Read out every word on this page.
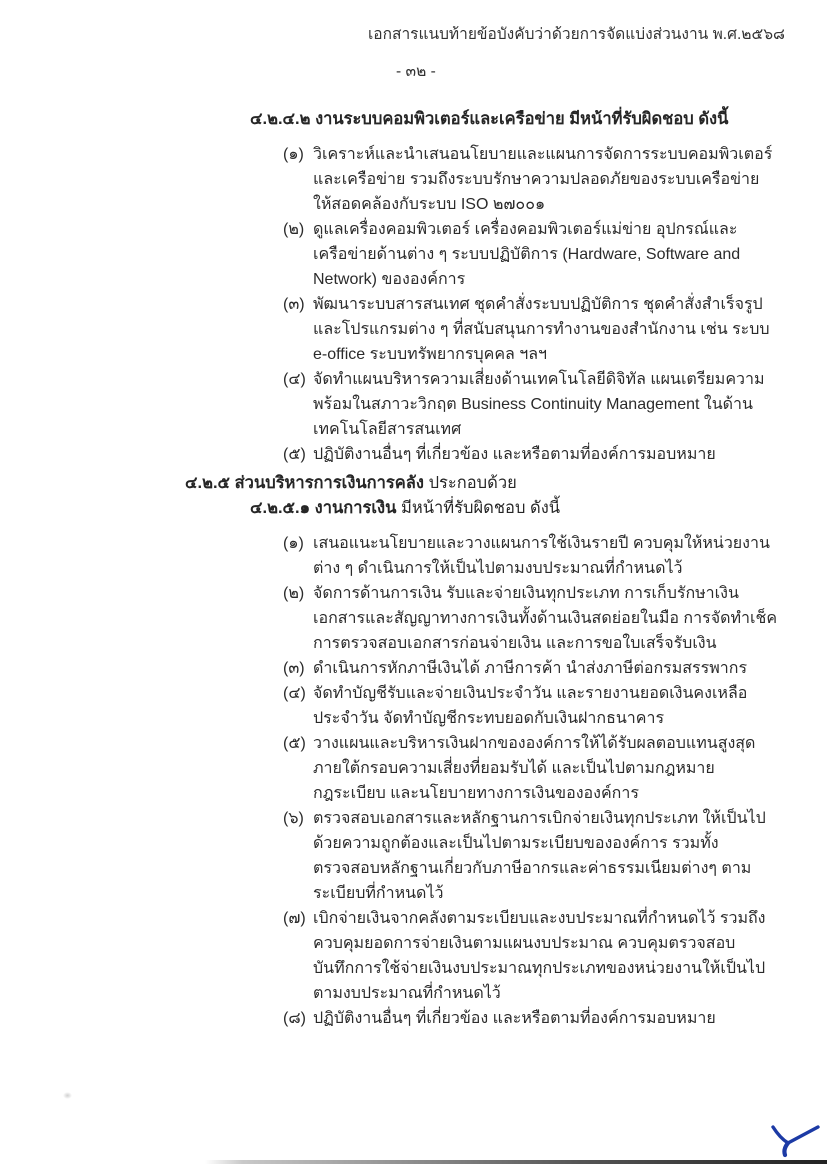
เอกสารแนบท้ายข้อบังคับว่าด้วยการจัดแบ่งส่วนงาน พ.ศ.๒๕๖๘
- ๓๒ -
๔.๒.๔.๒ งานระบบคอมพิวเตอร์และเครือข่าย มีหน้าที่รับผิดชอบ ดังนี้
(๑) วิเคราะห์และนำเสนอนโยบายและแผนการจัดการระบบคอมพิวเตอร์
และเครือข่าย รวมถึงระบบรักษาความปลอดภัยของระบบเครือข่าย
ให้สอดคล้องกับระบบ ISO ๒๗๐๐๑
(๒) ดูแลเครื่องคอมพิวเตอร์ เครื่องคอมพิวเตอร์แม่ข่าย อุปกรณ์และ
เครือข่ายด้านต่าง ๆ ระบบปฏิบัติการ (Hardware, Software and
Network) ขององค์การ
(๓) พัฒนาระบบสารสนเทศ ชุดคำสั่งระบบปฏิบัติการ ชุดคำสั่งสำเร็จรูป
และโปรแกรมต่าง ๆ ที่สนับสนุนการทำงานของสำนักงาน เช่น ระบบ
e-office ระบบทรัพยากรบุคคล ฯลฯ
(๔) จัดทำแผนบริหารความเสี่ยงด้านเทคโนโลยีดิจิทัล แผนเตรียมความ
พร้อมในสภาวะวิกฤต Business Continuity Management ในด้าน
เทคโนโลยีสารสนเทศ
(๕) ปฏิบัติงานอื่นๆ ที่เกี่ยวข้อง และหรือตามที่องค์การมอบหมาย
๔.๒.๕ ส่วนบริหารการเงินการคลัง ประกอบด้วย
๔.๒.๕.๑ งานการเงิน มีหน้าที่รับผิดชอบ ดังนี้
(๑) เสนอแนะนโยบายและวางแผนการใช้เงินรายปี ควบคุมให้หน่วยงาน
ต่าง ๆ ดำเนินการให้เป็นไปตามงบประมาณที่กำหนดไว้
(๒) จัดการด้านการเงิน รับและจ่ายเงินทุกประเภท การเก็บรักษาเงิน
เอกสารและสัญญาทางการเงินทั้งด้านเงินสดย่อยในมือ การจัดทำเช็ค
การตรวจสอบเอกสารก่อนจ่ายเงิน และการขอใบเสร็จรับเงิน
(๓) ดำเนินการหักภาษีเงินได้ ภาษีการค้า นำส่งภาษีต่อกรมสรรพากร
(๔) จัดทำบัญชีรับและจ่ายเงินประจำวัน และรายงานยอดเงินคงเหลือ
ประจำวัน จัดทำบัญชีกระทบยอดกับเงินฝากธนาคาร
(๕) วางแผนและบริหารเงินฝากขององค์การให้ได้รับผลตอบแทนสูงสุด
ภายใต้กรอบความเสี่ยงที่ยอมรับได้ และเป็นไปตามกฎหมาย
กฎระเบียบ และนโยบายทางการเงินขององค์การ
(๖) ตรวจสอบเอกสารและหลักฐานการเบิกจ่ายเงินทุกประเภท ให้เป็นไป
ด้วยความถูกต้องและเป็นไปตามระเบียบขององค์การ รวมทั้ง
ตรวจสอบหลักฐานเกี่ยวกับภาษีอากรและค่าธรรมเนียมต่างๆ ตาม
ระเบียบที่กำหนดไว้
(๗) เบิกจ่ายเงินจากคลังตามระเบียบและงบประมาณที่กำหนดไว้ รวมถึง
ควบคุมยอดการจ่ายเงินตามแผนงบประมาณ ควบคุมตรวจสอบ
บันทึกการใช้จ่ายเงินงบประมาณทุกประเภทของหน่วยงานให้เป็นไป
ตามงบประมาณที่กำหนดไว้
(๘) ปฏิบัติงานอื่นๆ ที่เกี่ยวข้อง และหรือตามที่องค์การมอบหมาย
